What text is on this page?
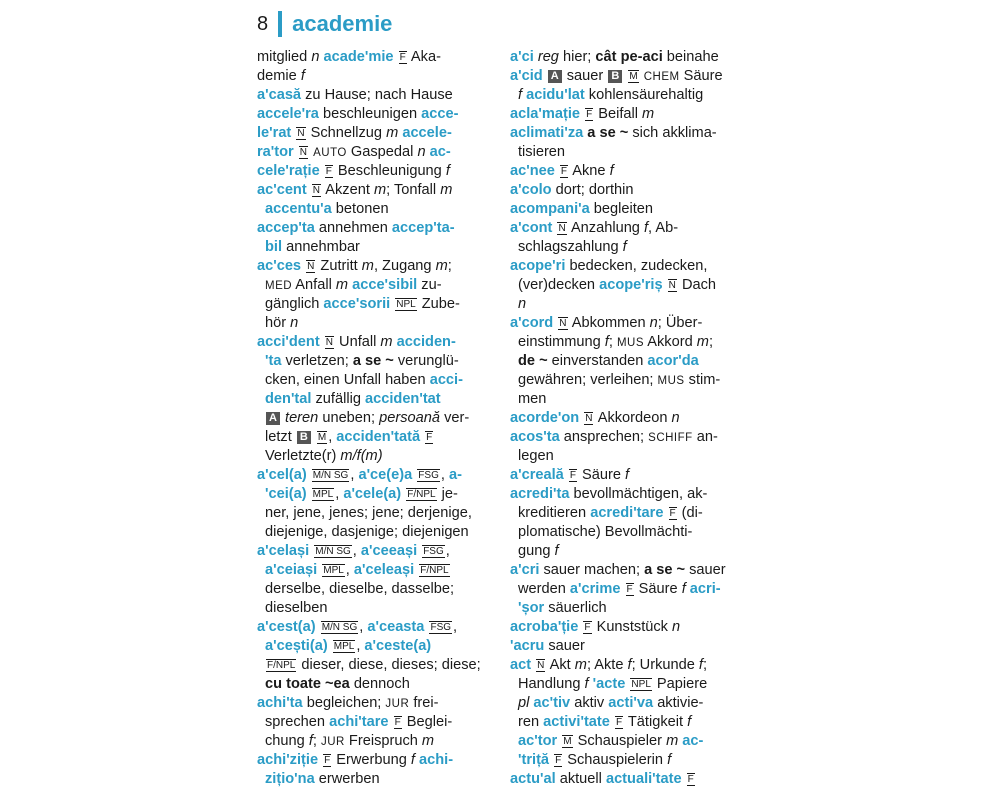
8 academie
mitglied n acade'mie F Aka-
demie f
a'casă zu Hause; nach Hause
accele'ra beschleunigen acce-
le'rat N Schnellzug m accele-
ra'tor N AUTO Gaspedal n ac-
cele'rație F Beschleunigung f
ac'cent N Akzent m; Tonfall m
accentu'a betonen
accep'ta annehmen accep'ta-
bil annehmbar
ac'ces N Zutritt m, Zugang m;
MED Anfall m acce'sibil zu-
gänglich acce'sorii NPL Zube-
hör n
acci'dent N Unfall m acciden-
'ta verletzen; a se ~ verunglü-
cken, einen Unfall haben acci-
den'tal zufällig acciden'tat
A teren uneben; persoană ver-
letzt B M , acciden'tată F
Verletzte(r) m/f(m)
a'cel(a) M/N SG , a'ce(e)a FSG , a-
'cei(a) MPL , a'cele(a) F/NPL je-
ner, jene, jenes; jene; derjenige,
diejenige, dasjenige; diejenigen
a'celași M/N SG , a'ceeași FSG ,
a'ceiași MPL , a'celeași F/NPL
derselbe, dieselbe, dasselbe;
dieselben
a'cest(a) M/N SG , a'ceasta FSG ,
a'cești(a) MPL , a'ceste(a)
F/NPL dieser, diese, dieses; diese;
cu toate ~ea dennoch
achi'ta begleichen; JUR frei-
sprechen achi'tare F Beglei-
chung f; JUR Freispruch m
achi'ziție F Erwerbung f achi-
zițio'na erwerben
a'ci reg hier; cât pe-aci beinahe
a'cid A sauer B M CHEM Säure
f acidu'lat kohlensäurehaltig
acla'mație F Beifall m
aclimati'za a se ~ sich akklima-
tisieren
ac'nee F Akne f
a'colo dort; dorthin
acompani'a begleiten
a'cont N Anzahlung f, Ab-
schlagszahlung f
acope'ri bedecken, zudecken,
(ver)decken acope'riș N Dach
n
a'cord N Abkommen n; Über-
einstimmung f; MUS Akkord m;
de ~ einverstanden acor'da
gewähren; verleihen; MUS stim-
men
acorde'on N Akkordeon n
acos'ta ansprechen; SCHIFF an-
legen
a'creală F Säure f
acredi'ta bevollmächtigen, ak-
kreditieren acredi'tare F (di-
plomatische) Bevollmächti-
gung f
a'cri sauer machen; a se ~ sauer
werden a'crime F Säure f acri-
'șor säuerlich
acroba'ție F Kunststück n
'acru sauer
act N Akt m; Akte f; Urkunde f;
Handlung f 'acte NPL Papiere
pl ac'tiv aktiv acti'va aktivie-
ren activi'tate F Tätigkeit f
ac'tor M Schauspieler m ac-
'triță F Schauspielerin f
actu'al aktuell actuali'tate F
